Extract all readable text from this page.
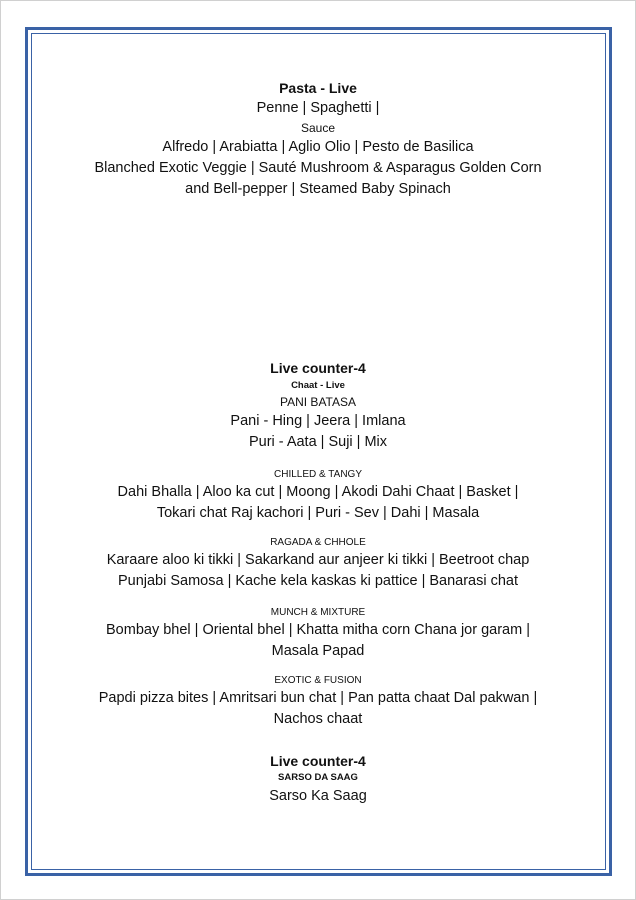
Pasta - Live
Penne | Spaghetti |
Sauce
Alfredo | Arabiatta | Aglio Olio | Pesto de Basilica
Blanched Exotic Veggie | Sauté Mushroom & Asparagus Golden Corn
and Bell-pepper | Steamed Baby Spinach
Live counter-4
Chaat - Live
PANI BATASA
Pani - Hing | Jeera | Imlana
Puri - Aata | Suji | Mix
CHILLED & TANGY
Dahi Bhalla | Aloo ka cut | Moong | Akodi Dahi Chaat | Basket |
Tokari chat Raj kachori | Puri - Sev | Dahi | Masala
RAGADA & CHHOLE
Karaare aloo ki tikki | Sakarkand aur anjeer ki tikki | Beetroot chap
Punjabi Samosa | Kache kela kaskas ki pattice | Banarasi chat
MUNCH & MIXTURE
Bombay bhel | Oriental bhel | Khatta mitha corn Chana jor garam |
Masala Papad
EXOTIC & FUSION
Papdi pizza bites | Amritsari bun chat | Pan patta chaat Dal pakwan |
Nachos chaat
Live counter-4
SARSO DA SAAG
Sarso Ka Saag
